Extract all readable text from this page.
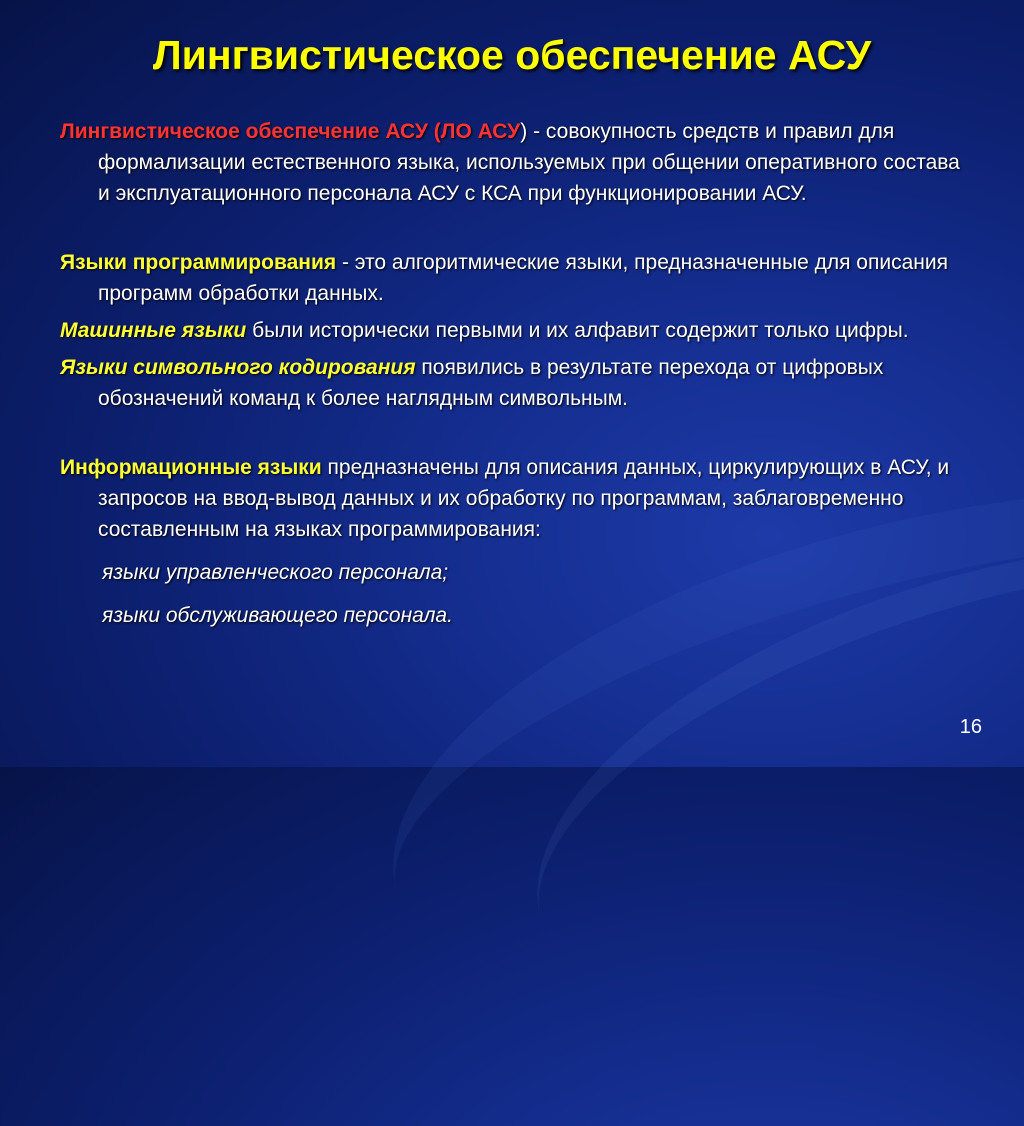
Лингвистическое обеспечение АСУ

Лингвистическое обеспечение АСУ (ЛО АСУ) - совокупность средств и правил для формализации естественного языка, используемых при общении оперативного состава и эксплуатационного персонала АСУ с КСА при функционировании АСУ.

Языки программирования - это алгоритмические языки, предназначенные для описания программ обработки данных.

Машинные языки были исторически первыми и их алфавит содержит только цифры.

Языки символьного кодирования появились в результате перехода от цифровых обозначений команд к более наглядным символьным.

Информационные языки предназначены для описания данных, циркулирующих в АСУ, и запросов на ввод-вывод данных и их обработку по программам, заблаговременно составленным на языках программирования:

языки управленческого персонала;

языки обслуживающего персонала.

16
